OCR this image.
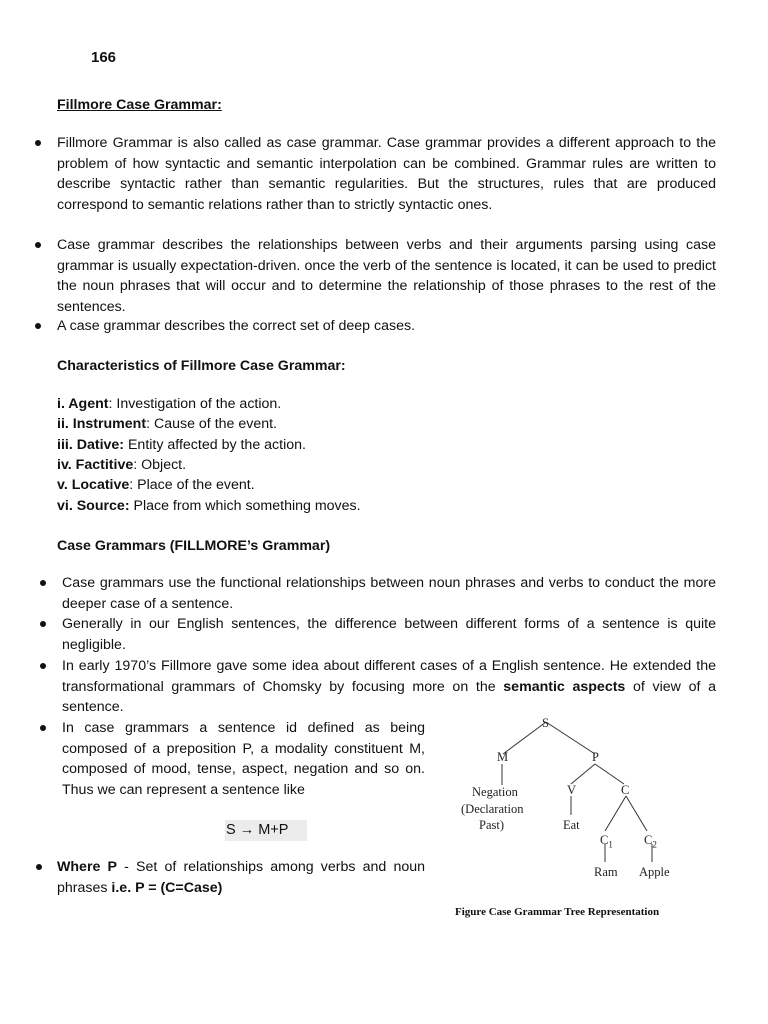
166
Fillmore Case Grammar:
Fillmore Grammar is also called as case grammar. Case grammar provides a different approach to the problem of how syntactic and semantic interpolation can be combined. Grammar rules are written to describe syntactic rather than semantic regularities. But the structures, rules that are produced correspond to semantic relations rather than to strictly syntactic ones.
Case grammar describes the relationships between verbs and their arguments parsing using case grammar is usually expectation-driven. once the verb of the sentence is located, it can be used to predict the noun phrases that will occur and to determine the relationship of those phrases to the rest of the sentences.
A case grammar describes the correct set of deep cases.
Characteristics of Fillmore Case Grammar:
i. Agent: Investigation of the action.
ii. Instrument: Cause of the event.
iii. Dative: Entity affected by the action.
iv. Factitive: Object.
v. Locative: Place of the event.
vi. Source: Place from which something moves.
Case Grammars (FILLMORE’s Grammar)
Case grammars use the functional relationships between noun phrases and verbs to conduct the more deeper case of a sentence.
Generally in our English sentences, the difference between different forms of a sentence is quite negligible.
In early 1970’s Fillmore gave some idea about different cases of a English sentence. He extended the transformational grammars of Chomsky by focusing more on the semantic aspects of view of a sentence.
In case grammars a sentence id defined as being composed of a preposition P, a modality constituent M, composed of mood, tense, aspect, negation and so on. Thus we can represent a sentence like
S → M+P
Where P - Set of relationships among verbs and noun phrases i.e. P = (C=Case)
S
M	P
V	C
Negation
(Declaration
Past)	Eat
$C_1$ $C_2$
Ram Apple
Figure Case Grammar Tree Representation
